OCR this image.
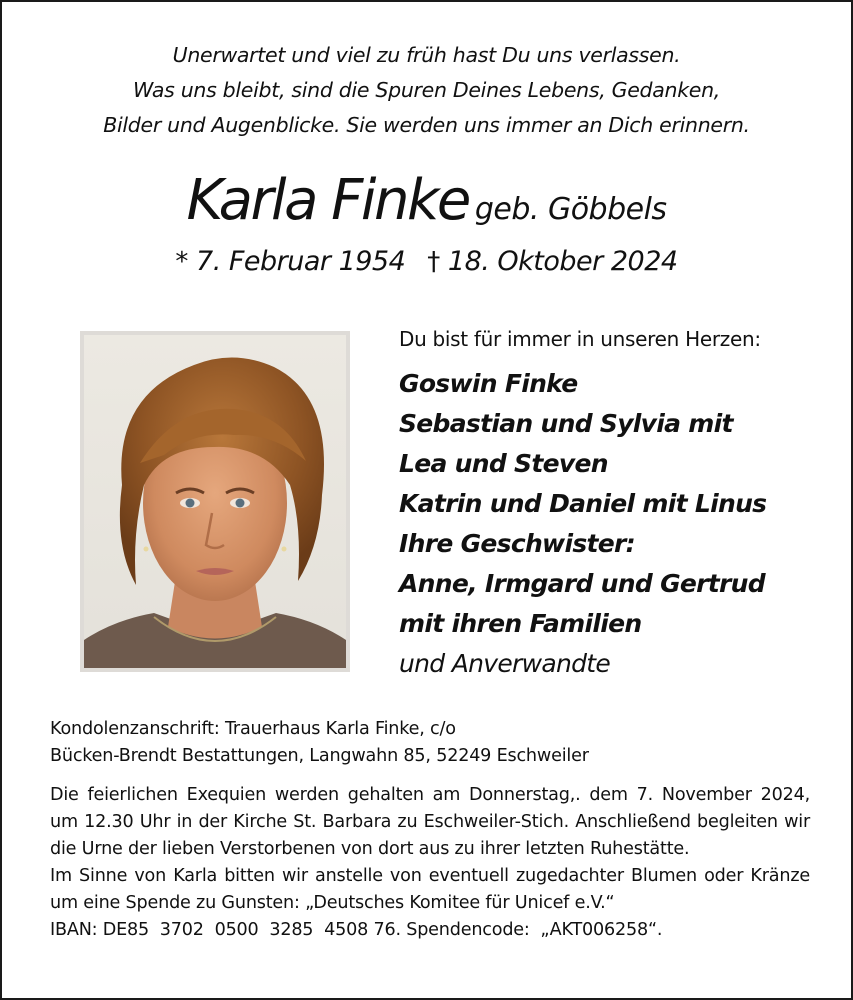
Unerwartet und viel zu früh hast Du uns verlassen.
Was uns bleibt, sind die Spuren Deines Lebens, Gedanken,
Bilder und Augenblicke. Sie werden uns immer an Dich erinnern.
Karla Finke geb. Göbbels
* 7. Februar 1954 † 18. Oktober 2024
Du bist für immer in unseren Herzen:
Goswin Finke
Sebastian und Sylvia mit
Lea und Steven
Katrin und Daniel mit Linus
Ihre Geschwister:
Anne, Irmgard und Gertrud
mit ihren Familien
und Anverwandte
Kondolenzanschrift: Trauerhaus Karla Finke, c/o
Bücken-Brendt Bestattungen, Langwahn 85, 52249 Eschweiler
Die feierlichen Exequien werden gehalten am Donnerstag,. dem 7. November 2024,
um 12.30 Uhr in der Kirche St. Barbara zu Eschweiler-Stich. Anschließend begleiten wir
die Urne der lieben Verstorbenen von dort aus zu ihrer letzten Ruhestätte.
Im Sinne von Karla bitten wir anstelle von eventuell zugedachter Blumen oder Kränze
um eine Spende zu Gunsten: „Deutsches Komitee für Unicef e.V.“
IBAN: DE85  3702  0500  3285  4508 76. Spendencode:  „AKT006258“.
